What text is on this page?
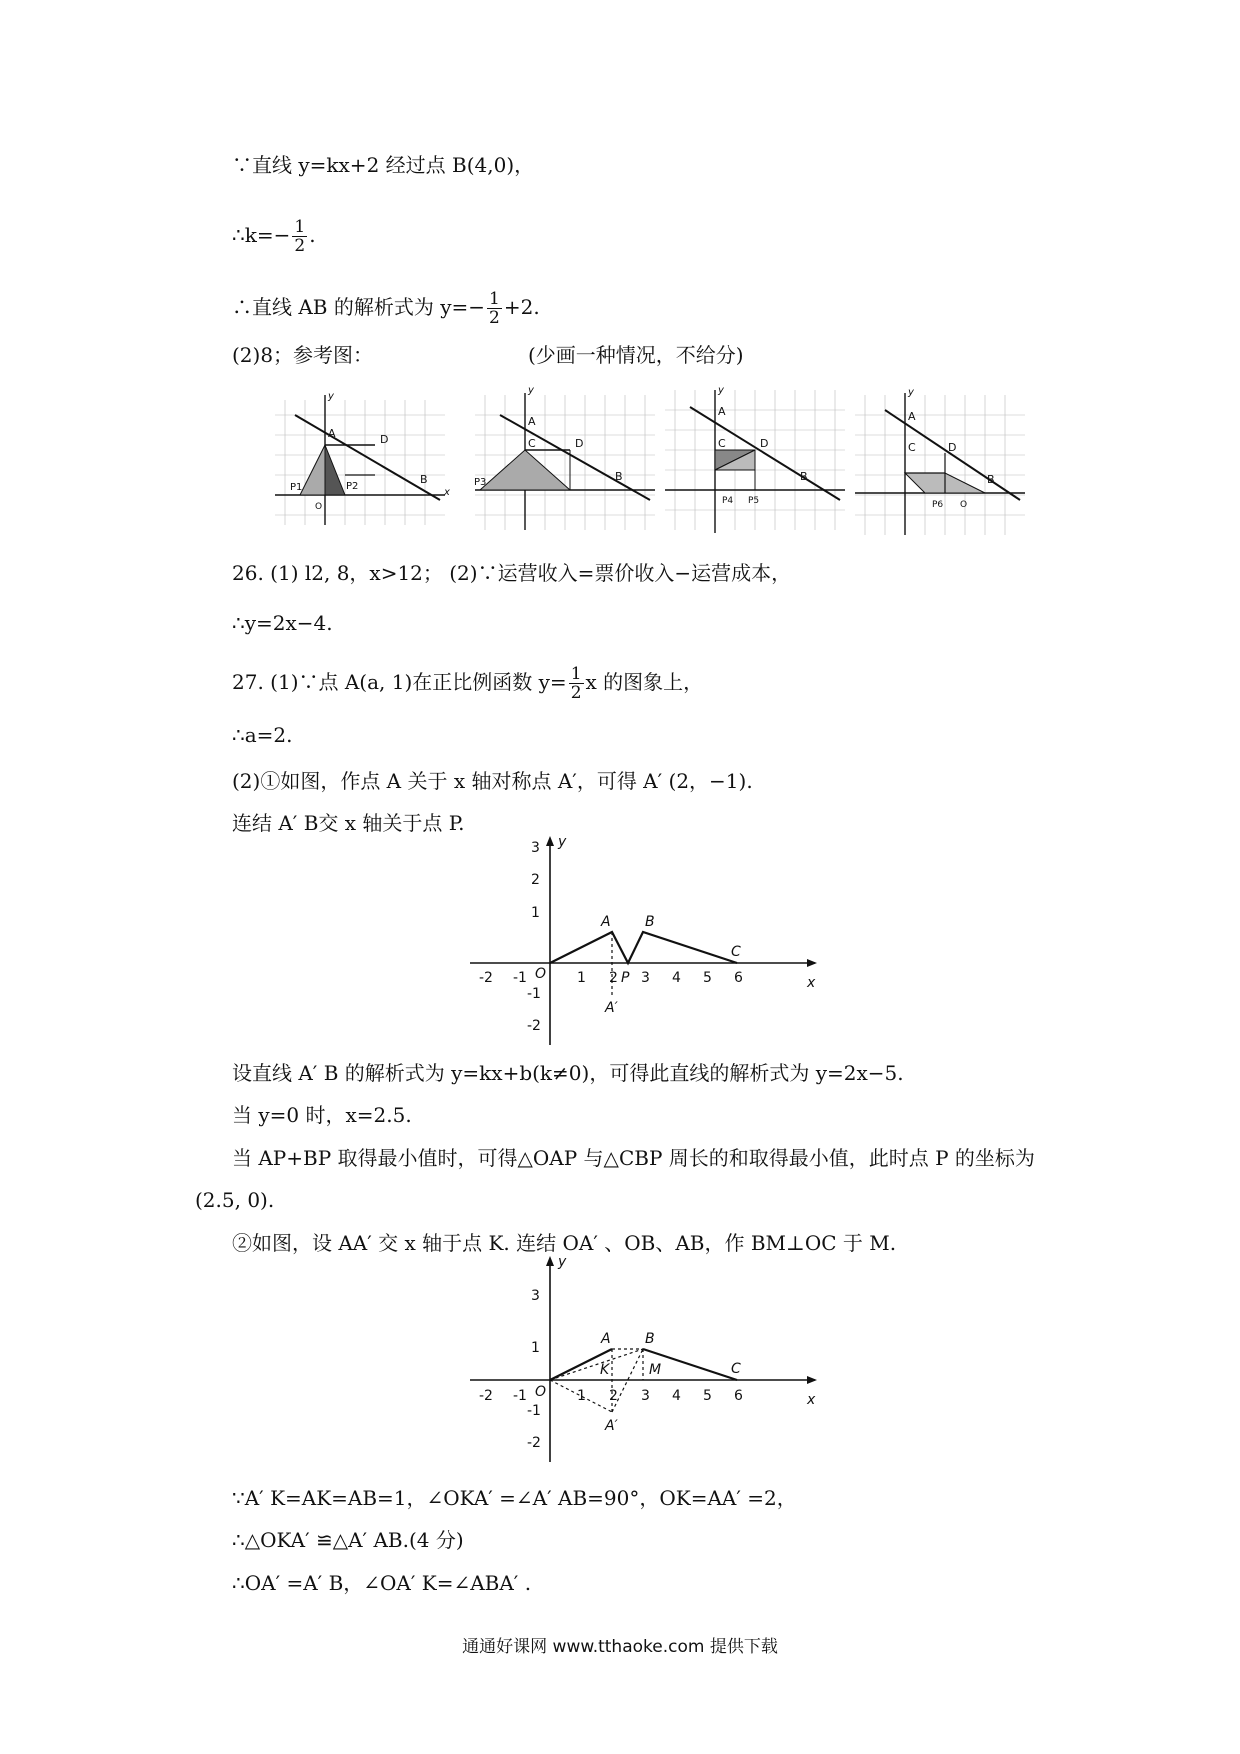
∵直线 y=kx+2 经过点 B(4,0)，
∴k=− $\frac{1}{2}$ .
∴直线 AB 的解析式为 $y=- \frac{1}{2} +2$.
(2)8；参考图：	(少画一种情况，不给分)
A	D
B
P1	P2
O
x
y
A
C	D
B
P3
y
A
C	D
B
P4 P5
y
A
C	D
B
P6 O
y
26. (1) l2, 8，x>12； (2)∵运营收入=票价收入−运营成本，
∴y=2x−4.
27. (1)∵点 A(a, 1)在正比例函数 $y= \frac{1}{2}$ x 的图象上，
∴a=2.
(2)①如图，作点 A 关于 x 轴对称点 A′，可得 A′ (2，−1).
连结 A′ B交 x 轴关于点 P.
-2 -1	1 2 3 4 5 6
3
2
1
-1
-2
x
y
A B
C
P
O
A′
设直线 A′ B 的解析式为 y=kx+b(k≠0)，可得此直线的解析式为 y=2x−5.
当 y=0 时，x=2.5.
当 AP+BP 取得最小值时，可得△OAP 与△CBP 周长的和取得最小值，此时点 P 的坐标为
(2.5, 0).
②如图，设 AA′ 交 x 轴于点 K. 连结 OA′ 、OB、AB，作 BM⊥OC 于 M.
-2 -1	1 2 3 4 5 6
3
1
-1
-2
x
y
A B
C
K	M
O
A′
∵A′ K=AK=AB=1，∠OKA′ =∠A′ AB=90°，OK=AA′ =2，
∴△OKA′ ≌△A′ AB.(4 分)
∴OA′ =A′ B，∠OA′ K=∠ABA′ .
通通好课网 www.tthaoke.com 提供下载
